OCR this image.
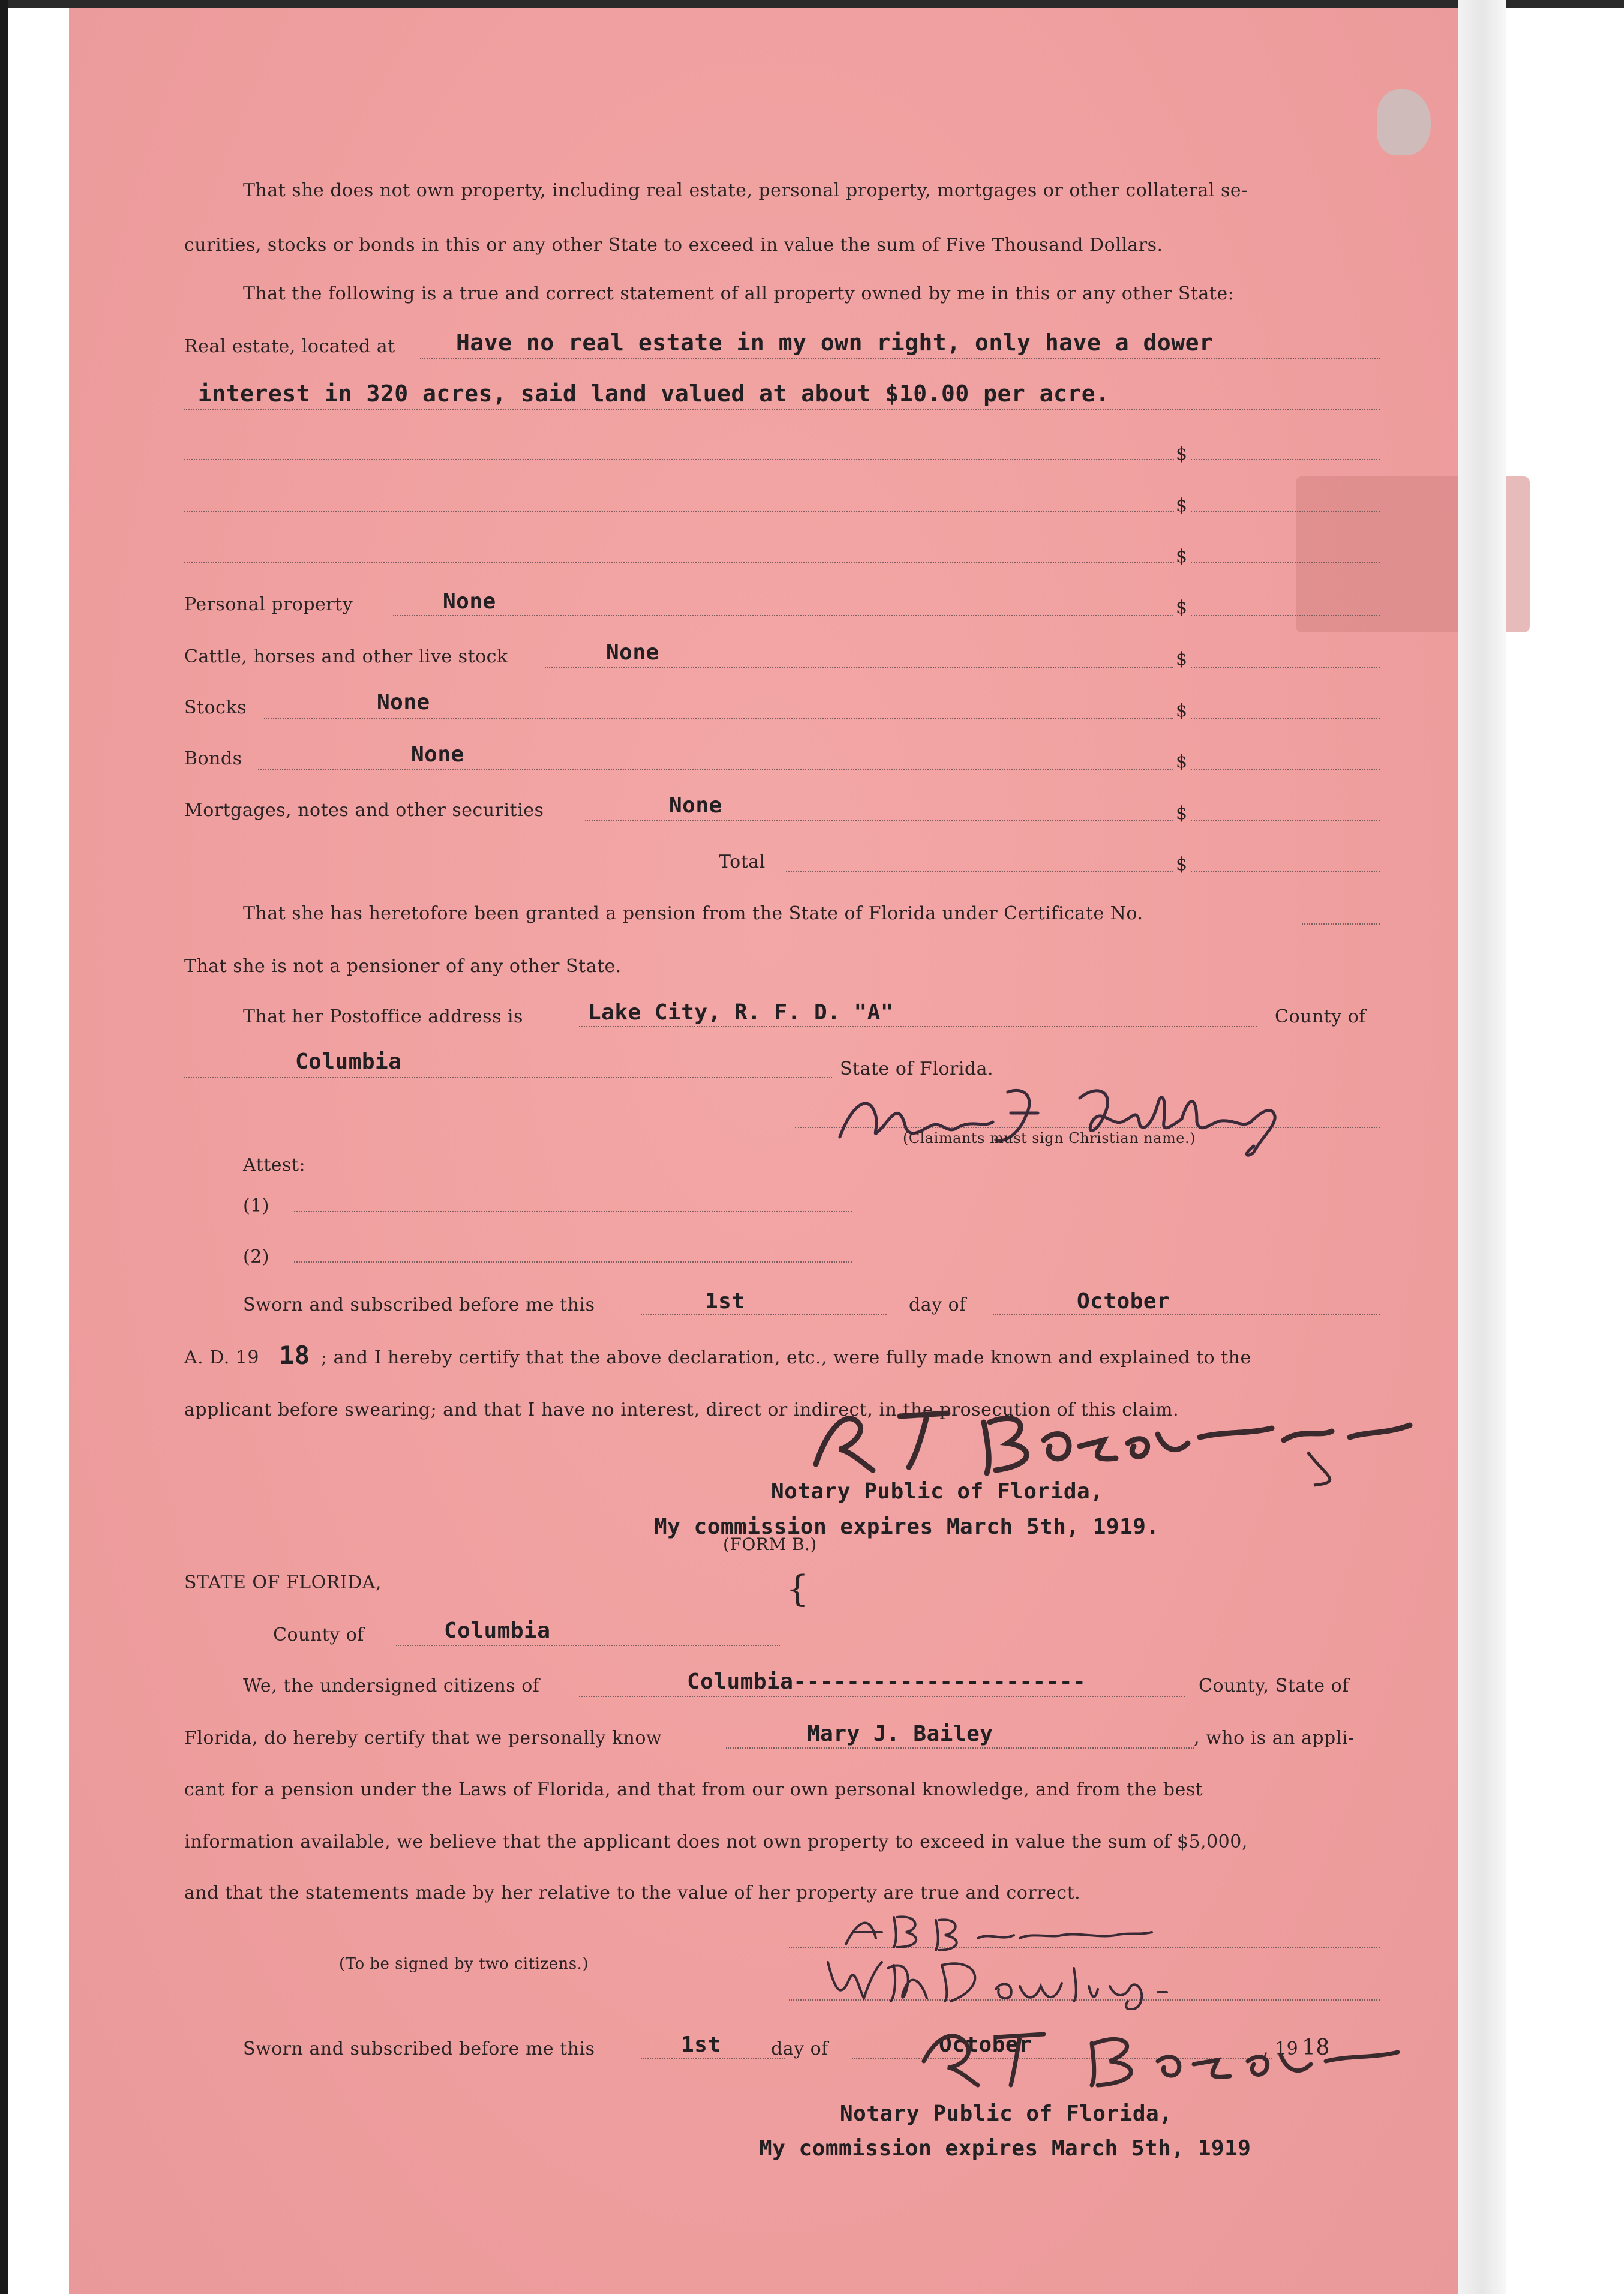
That she does not own property, including real estate, personal property, mortgages or other collateral se-
curities, stocks or bonds in this or any other State to exceed in value the sum of Five Thousand Dollars.
That the following is a true and correct statement of all property owned by me in this or any other State:
Real estate, located at	Have no real estate in my own right, only have a dower
interest in 320 acres, said land valued at about $10.00 per acre.
$
$
$
Personal property	None	$
Cattle, horses and other live stock	None	$
Stocks	None	$
Bonds	None	$
Mortgages, notes and other securities	None	$
Total	$
That she has heretofore been granted a pension from the State of Florida under Certificate No.
That she is not a pensioner of any other State.
That her Postoffice address is	Lake City, R. F. D. "A"	County of
Columbia	State of Florida.
(Claimants must sign Christian name.)
Attest:
(1)
(2)
Sworn and subscribed before me this	1st	day of	October
A. D. 19 18 ; and I hereby certify that the above declaration, etc., were fully made known and explained to the
applicant before swearing; and that I have no interest, direct or indirect, in the prosecution of this claim.
Notary Public of Florida,
My commission expires March 5th, 1919.
(FORM B.)
STATE OF FLORIDA,	{
County of	Columbia
We, the undersigned citizens of	Columbia----------------------	County, State of
Florida, do hereby certify that we personally know	Mary J. Bailey	, who is an appli-
cant for a pension under the Laws of Florida, and that from our own personal knowledge, and from the best
information available, we believe that the applicant does not own property to exceed in value the sum of $5,000,
and that the statements made by her relative to the value of her property are true and correct.
(To be signed by two citizens.)
Sworn and subscribed before me this	1st	day of	October	, 19 18
Notary Public of Florida,
My commission expires March 5th, 1919
